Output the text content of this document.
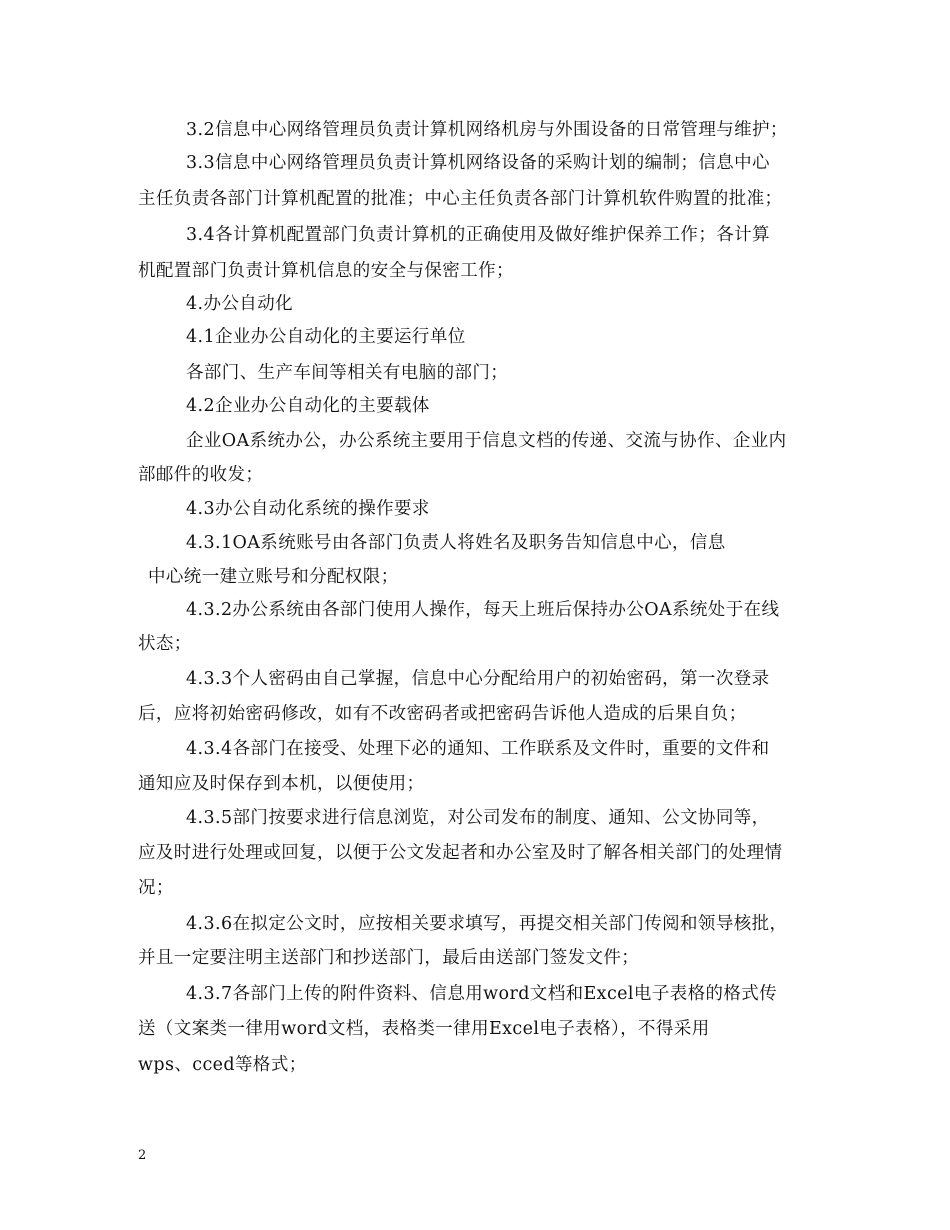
3.2信息中心网络管理员负责计算机网络机房与外围设备的日常管理与维护；
3.3信息中心网络管理员负责计算机网络设备的采购计划的编制；信息中心
主任负责各部门计算机配置的批准；中心主任负责各部门计算机软件购置的批准；
3.4各计算机配置部门负责计算机的正确使用及做好维护保养工作；各计算
机配置部门负责计算机信息的安全与保密工作；
4.办公自动化
4.1企业办公自动化的主要运行单位
各部门、生产车间等相关有电脑的部门；
4.2企业办公自动化的主要载体
企业OA系统办公，办公系统主要用于信息文档的传递、交流与协作、企业内
部邮件的收发；
4.3办公自动化系统的操作要求
4.3.1OA系统账号由各部门负责人将姓名及职务告知信息中心，信息
中心统一建立账号和分配权限；
4.3.2办公系统由各部门使用人操作，每天上班后保持办公OA系统处于在线
状态；
4.3.3个人密码由自己掌握，信息中心分配给用户的初始密码，第一次登录
后，应将初始密码修改，如有不改密码者或把密码告诉他人造成的后果自负；
4.3.4各部门在接受、处理下必的通知、工作联系及文件时，重要的文件和
通知应及时保存到本机，以便使用；
4.3.5部门按要求进行信息浏览，对公司发布的制度、通知、公文协同等，
应及时进行处理或回复，以便于公文发起者和办公室及时了解各相关部门的处理情
况；
4.3.6在拟定公文时，应按相关要求填写，再提交相关部门传阅和领导核批，
并且一定要注明主送部门和抄送部门，最后由送部门签发文件；
4.3.7各部门上传的附件资料、信息用word文档和Excel电子表格的格式传
送（文案类一律用word文档，表格类一律用Excel电子表格），不得采用
wps、cced等格式；
2
